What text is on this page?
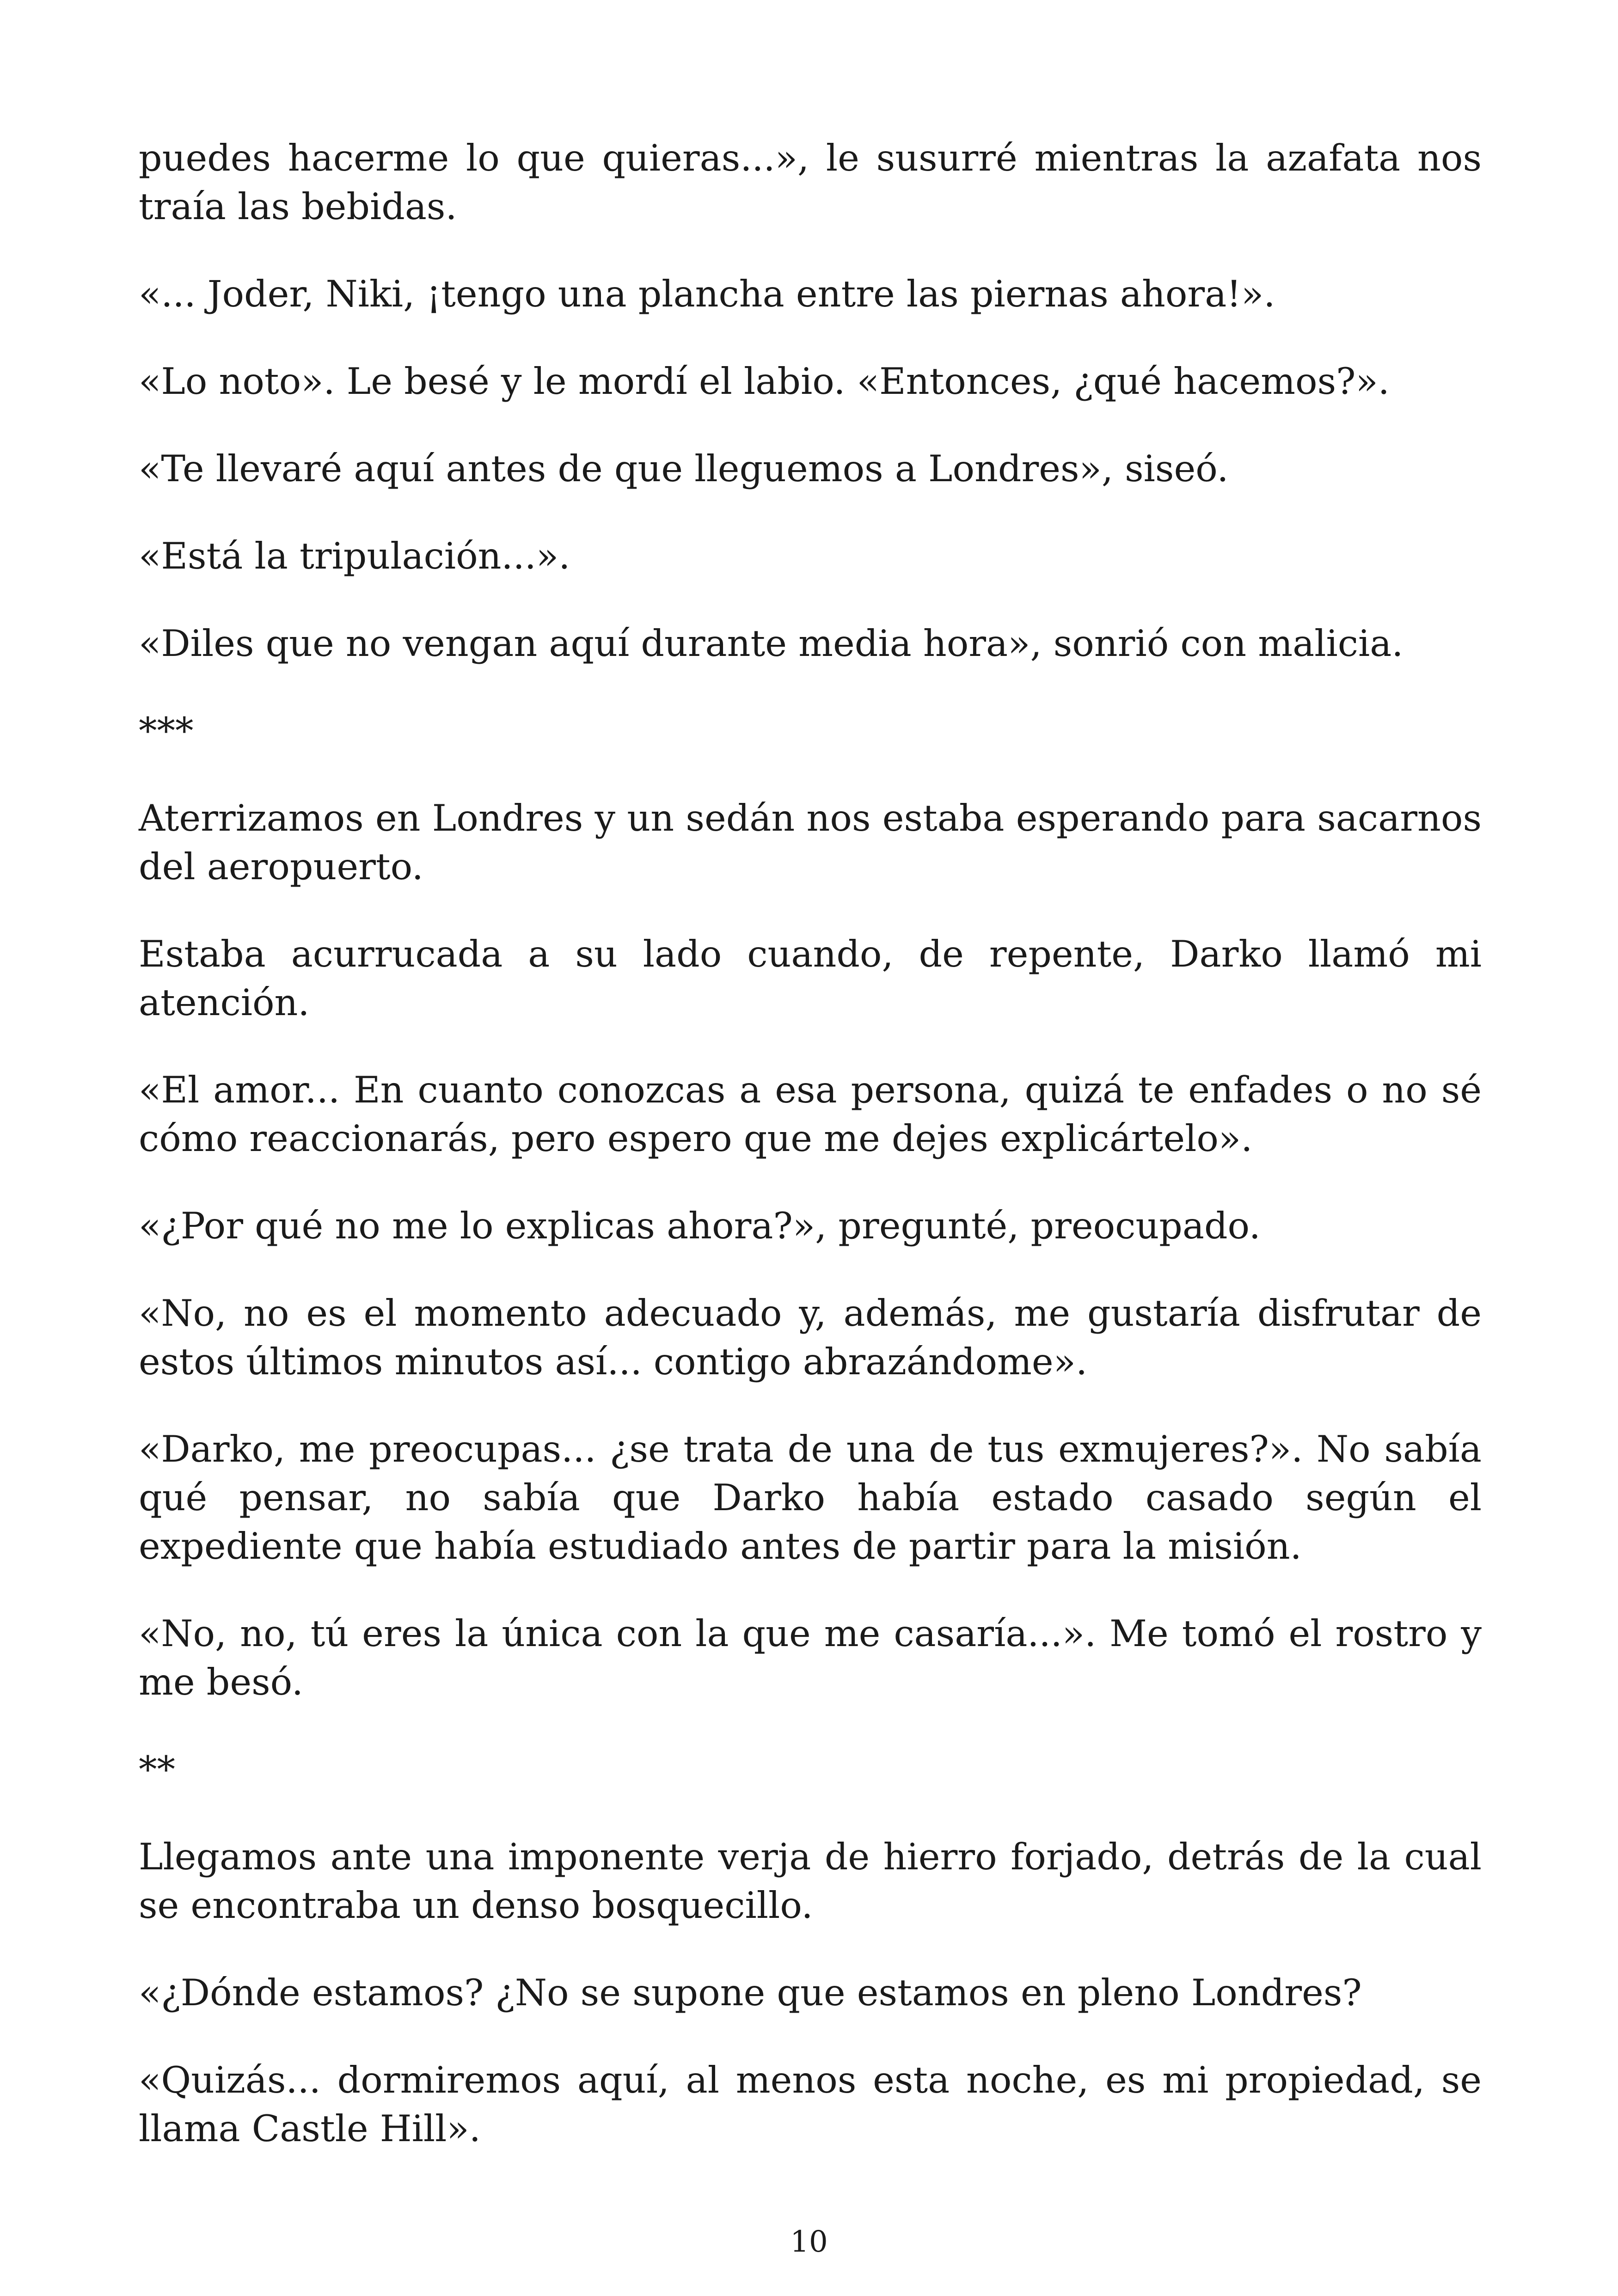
puedes hacerme lo que quieras...», le susurré mientras la azafata nos traía las bebidas.

«... Joder, Niki, ¡tengo una plancha entre las piernas ahora!».

«Lo noto». Le besé y le mordí el labio. «Entonces, ¿qué hacemos?».

«Te llevaré aquí antes de que lleguemos a Londres», siseó.

«Está la tripulación...».

«Diles que no vengan aquí durante media hora», sonrió con malicia.

***

Aterrizamos en Londres y un sedán nos estaba esperando para sacarnos del aeropuerto.

Estaba acurrucada a su lado cuando, de repente, Darko llamó mi atención.

«El amor... En cuanto conozcas a esa persona, quizá te enfades o no sé cómo reaccionarás, pero espero que me dejes explicártelo».

«¿Por qué no me lo explicas ahora?», pregunté, preocupado.

«No, no es el momento adecuado y, además, me gustaría disfrutar de estos últimos minutos así... contigo abrazándome».

«Darko, me preocupas... ¿se trata de una de tus exmujeres?». No sabía qué pensar, no sabía que Darko había estado casado según el expediente que había estudiado antes de partir para la misión.

«No, no, tú eres la única con la que me casaría...». Me tomó el rostro y me besó.

**

Llegamos ante una imponente verja de hierro forjado, detrás de la cual se encontraba un denso bosquecillo.

«¿Dónde estamos? ¿No se supone que estamos en pleno Londres?

«Quizás... dormiremos aquí, al menos esta noche, es mi propiedad, se llama Castle Hill».

10
